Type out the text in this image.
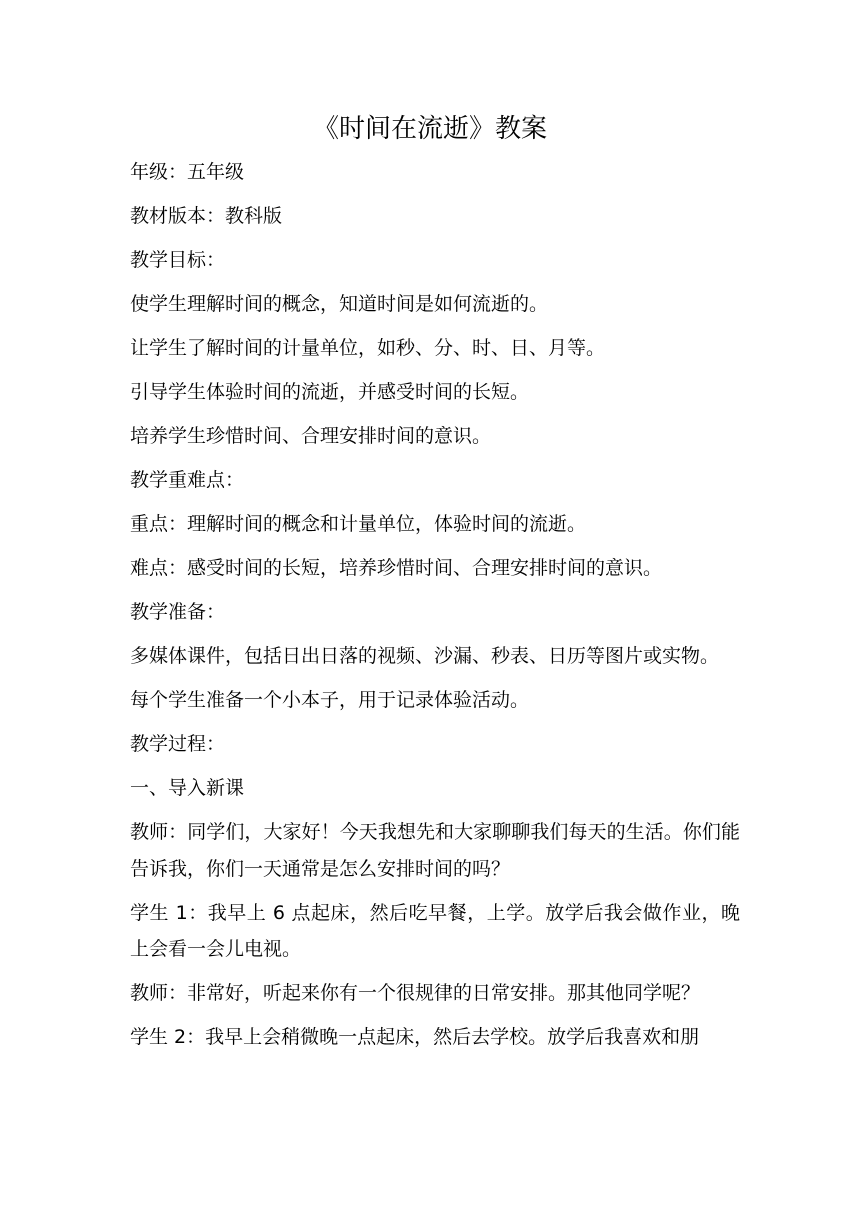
《时间在流逝》教案

年级：五年级

教材版本：教科版

教学目标：

使学生理解时间的概念，知道时间是如何流逝的。

让学生了解时间的计量单位，如秒、分、时、日、月等。

引导学生体验时间的流逝，并感受时间的长短。

培养学生珍惜时间、合理安排时间的意识。

教学重难点：

重点：理解时间的概念和计量单位，体验时间的流逝。

难点：感受时间的长短，培养珍惜时间、合理安排时间的意识。

教学准备：

多媒体课件，包括日出日落的视频、沙漏、秒表、日历等图片或实物。

每个学生准备一个小本子，用于记录体验活动。

教学过程：

一、导入新课

教师：同学们，大家好！今天我想先和大家聊聊我们每天的生活。你们能告诉我，你们一天通常是怎么安排时间的吗？

学生 1：我早上 6 点起床，然后吃早餐，上学。放学后我会做作业，晚上会看一会儿电视。

教师：非常好，听起来你有一个很规律的日常安排。那其他同学呢？

学生 2：我早上会稍微晚一点起床，然后去学校。放学后我喜欢和朋
